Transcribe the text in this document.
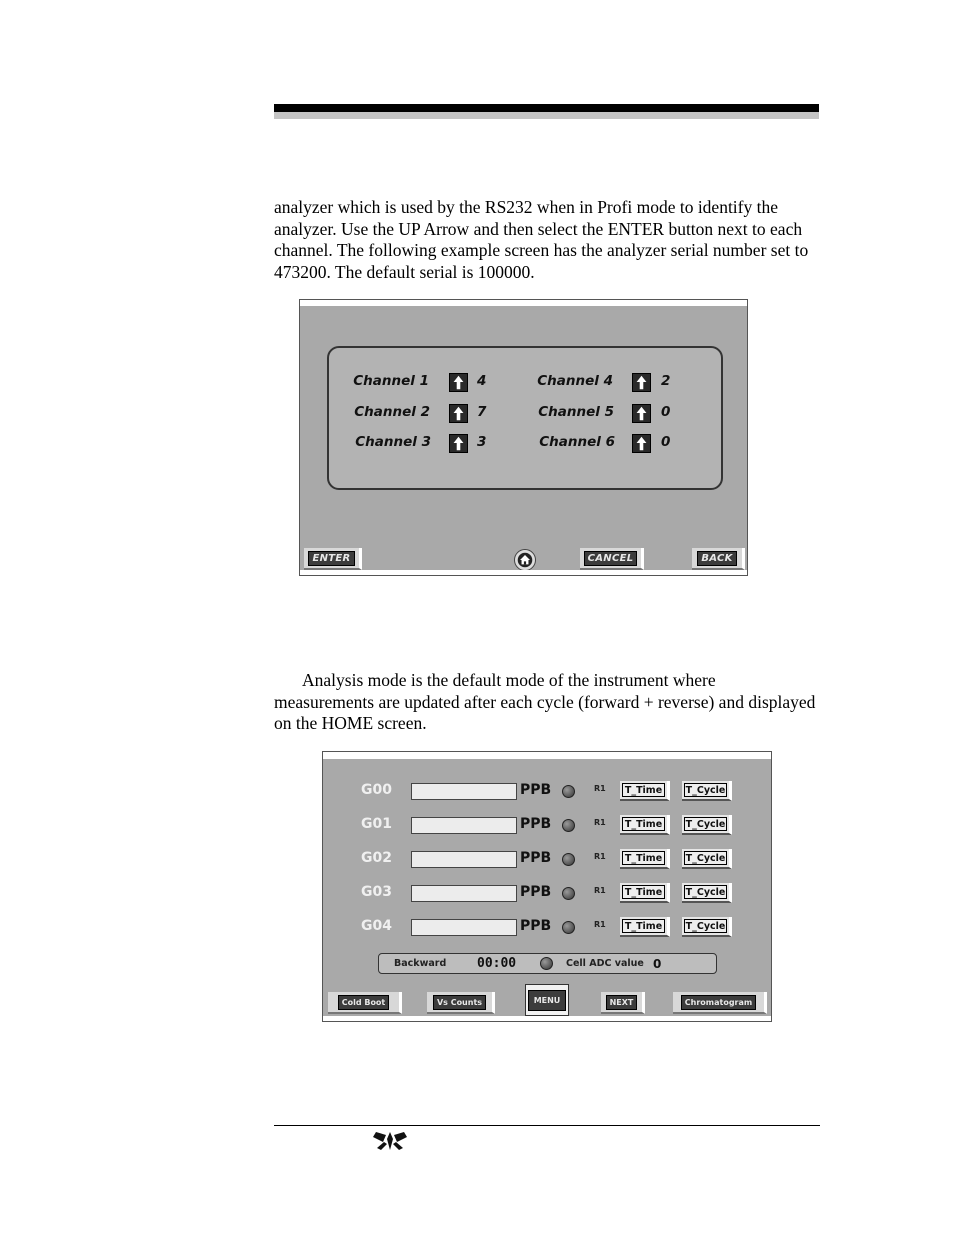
analyzer which is used by the RS232 when in Profi mode to identify the analyzer. Use the UP Arrow and then select the ENTER button next to each channel. The following example screen has the analyzer serial number set to 473200. The default serial is 100000.

Channel 1	4
Channel 2	7
Channel 3	3
Channel 4	2
Channel 5	0
Channel 6	0
ENTER	CANCEL	BACK

Analysis mode is the default mode of the instrument where measurements are updated after each cycle (forward + reverse) and displayed on the HOME screen.

G00	PPB	R1 T_Time T_Cycle
G01	PPB	R1 T_Time T_Cycle
G02	PPB	R1 T_Time T_Cycle
G03	PPB	R1 T_Time T_Cycle
G04	PPB	R1 T_Time T_Cycle
Backward 00:00	Cell ADC value 0
Cold Boot	Vs Counts	MENU	NEXT	Chromatogram
